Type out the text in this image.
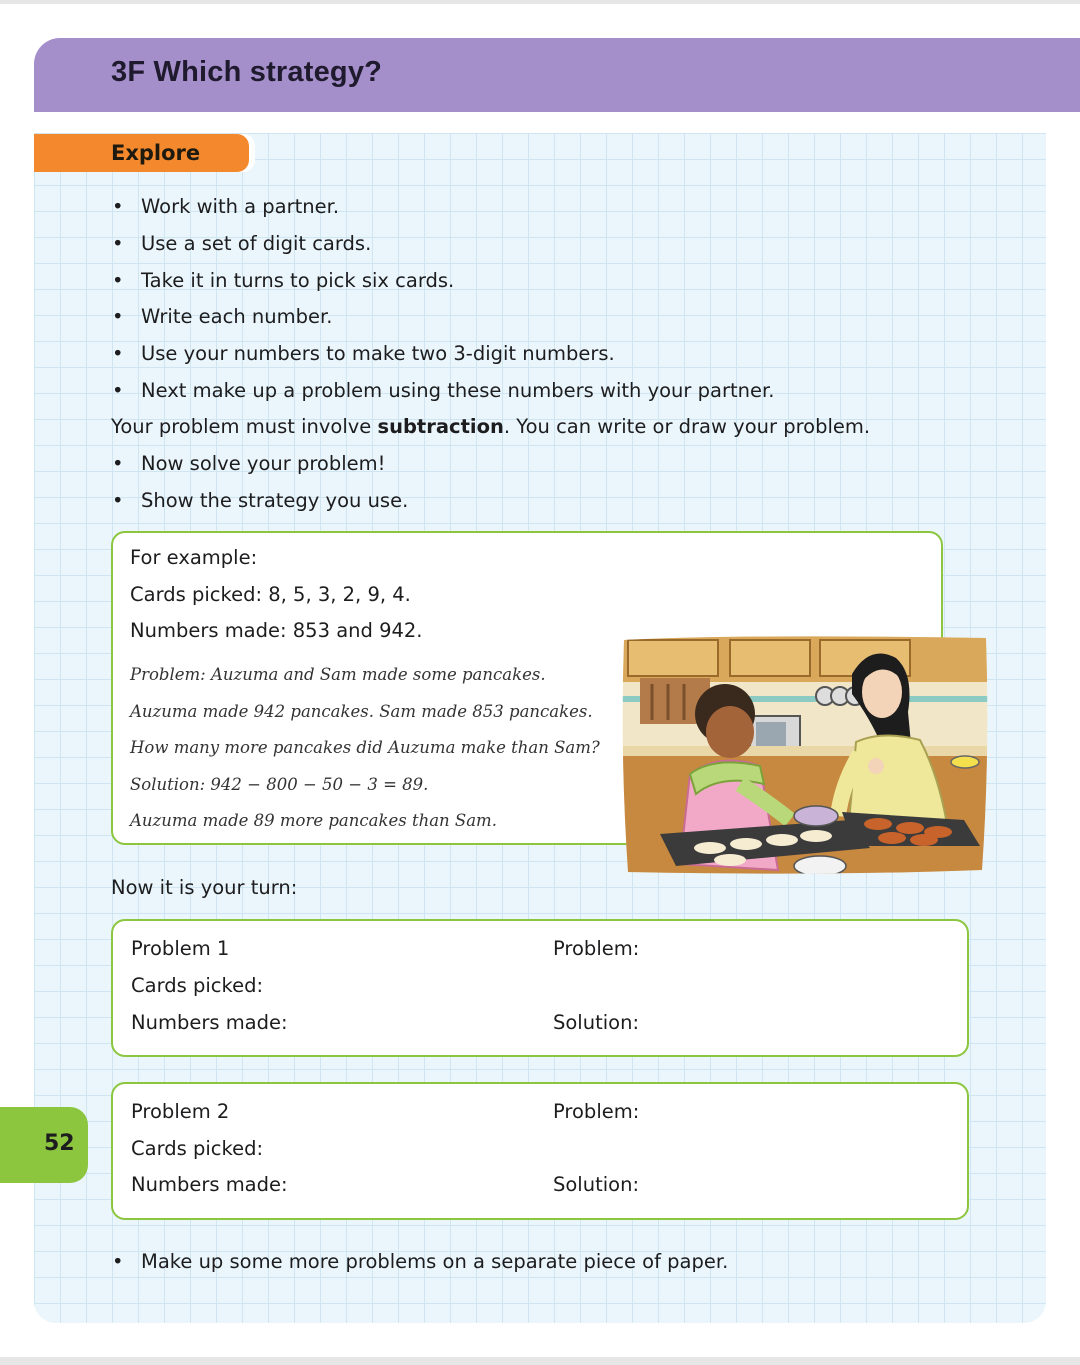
3F Which strategy?
Explore
• Work with a partner.
• Use a set of digit cards.
• Take it in turns to pick six cards.
• Write each number.
• Use your numbers to make two 3-digit numbers.
• Next make up a problem using these numbers with your partner.
Your problem must involve subtraction. You can write or draw your problem.
• Now solve your problem!
• Show the strategy you use.
For example:
Cards picked: 8, 5, 3, 2, 9, 4.
Numbers made: 853 and 942.
Problem: Auzuma and Sam made some pancakes.
Auzuma made 942 pancakes. Sam made 853 pancakes.
How many more pancakes did Auzuma make than Sam?
Solution: 942 − 800 − 50 − 3 = 89.
Auzuma made 89 more pancakes than Sam.
Now it is your turn:
Problem 1
Cards picked:
Numbers made:
Problem:
Solution:
Problem 2
Cards picked:
Numbers made:
Problem:
Solution:
52
• Make up some more problems on a separate piece of paper.
